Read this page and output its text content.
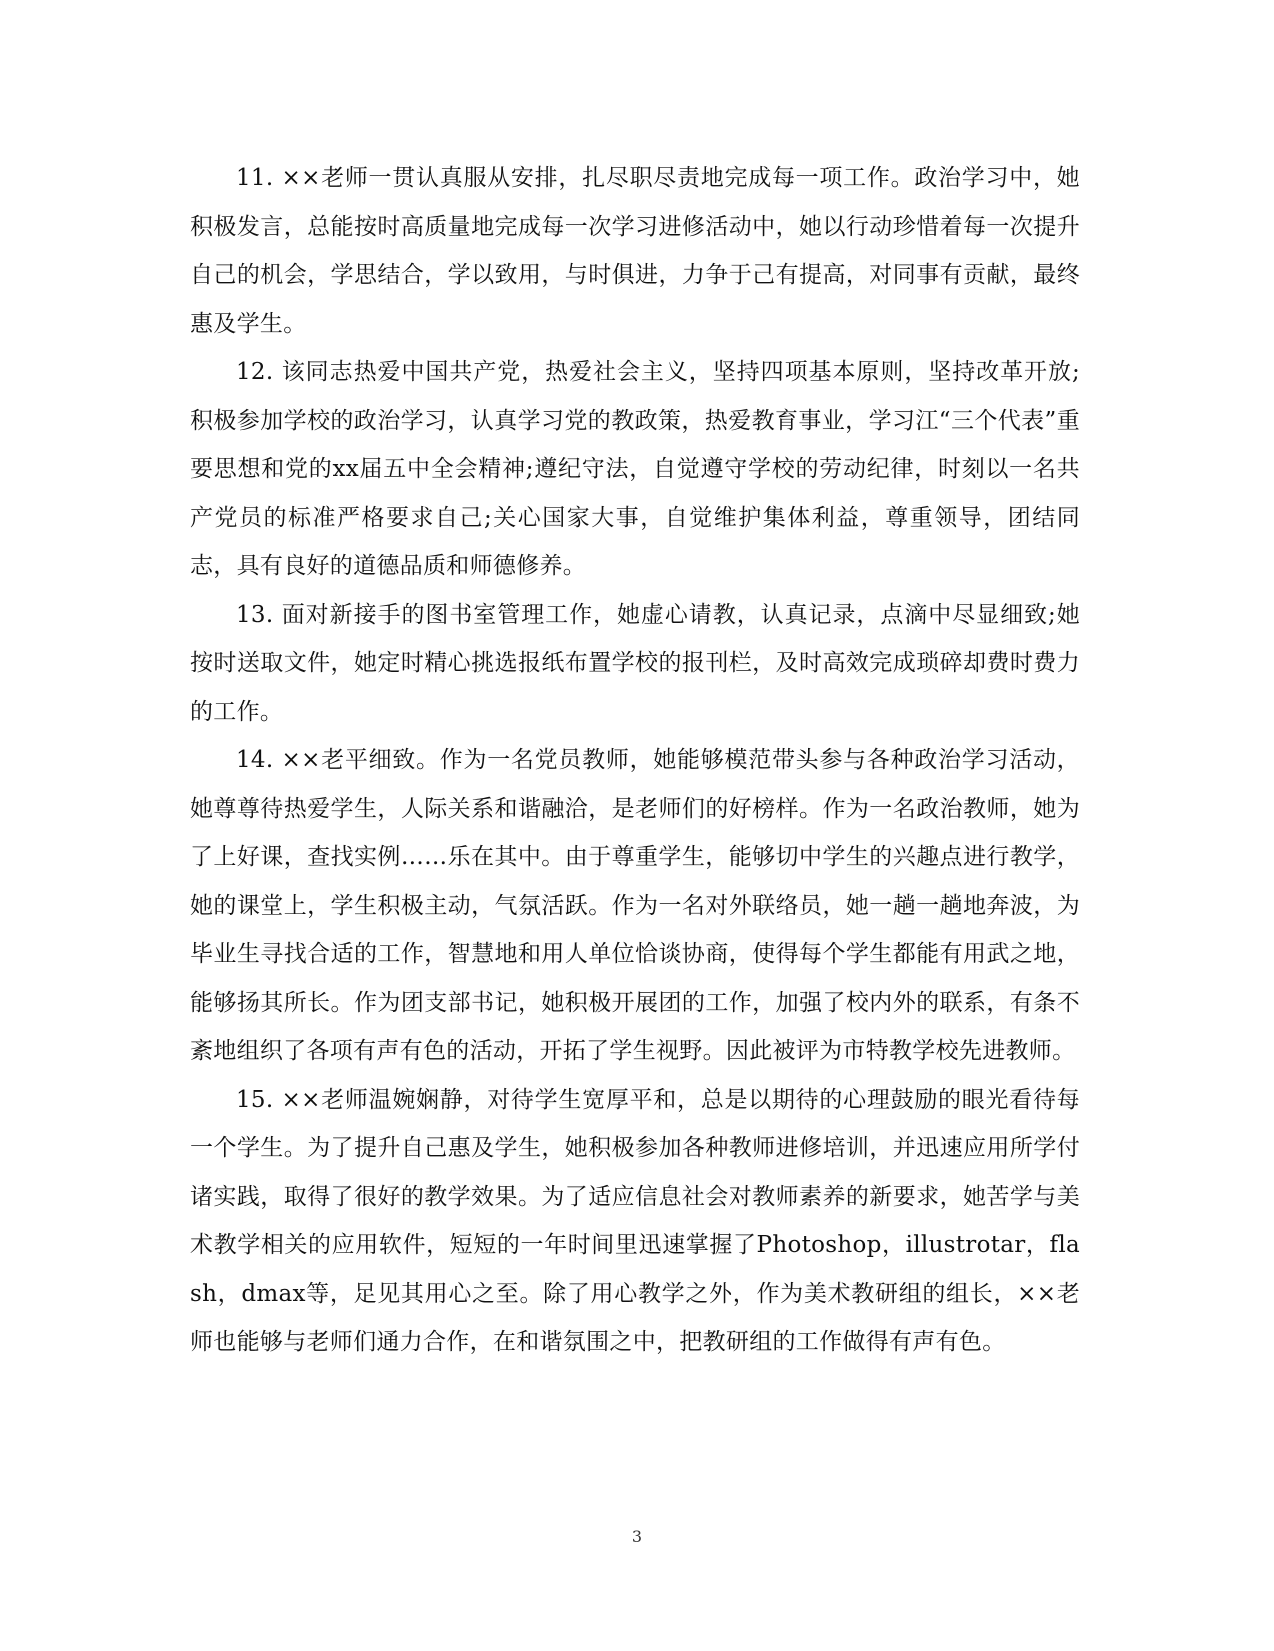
11. ××老师一贯认真服从安排，扎尽职尽责地完成每一项工作。政治学习中，她积极发言，总能按时高质量地完成每一次学习进修活动中，她以行动珍惜着每一次提升自己的机会，学思结合，学以致用，与时俱进，力争于己有提高，对同事有贡献，最终惠及学生。

12. 该同志热爱中国共产党，热爱社会主义，坚持四项基本原则，坚持改革开放;积极参加学校的政治学习，认真学习党的教政策，热爱教育事业，学习江“三个代表”重要思想和党的xx届五中全会精神;遵纪守法，自觉遵守学校的劳动纪律，时刻以一名共产党员的标准严格要求自己;关心国家大事，自觉维护集体利益，尊重领导，团结同志，具有良好的道德品质和师德修养。

13. 面对新接手的图书室管理工作，她虚心请教，认真记录，点滴中尽显细致;她按时送取文件，她定时精心挑选报纸布置学校的报刊栏，及时高效完成琐碎却费时费力的工作。

14. ××老平细致。作为一名党员教师，她能够模范带头参与各种政治学习活动，她尊尊待热爱学生，人际关系和谐融洽，是老师们的好榜样。作为一名政治教师，她为了上好课，查找实例……乐在其中。由于尊重学生，能够切中学生的兴趣点进行教学，她的课堂上，学生积极主动，气氛活跃。作为一名对外联络员，她一趟一趟地奔波，为毕业生寻找合适的工作，智慧地和用人单位恰谈协商，使得每个学生都能有用武之地，能够扬其所长。作为团支部书记，她积极开展团的工作，加强了校内外的联系，有条不紊地组织了各项有声有色的活动，开拓了学生视野。因此被评为市特教学校先进教师。

15. ××老师温婉娴静，对待学生宽厚平和，总是以期待的心理鼓励的眼光看待每一个学生。为了提升自己惠及学生，她积极参加各种教师进修培训，并迅速应用所学付诸实践，取得了很好的教学效果。为了适应信息社会对教师素养的新要求，她苦学与美术教学相关的应用软件，短短的一年时间里迅速掌握了Photoshop，illustrotar，flash，dmax等，足见其用心之至。除了用心教学之外，作为美术教研组的组长，××老师也能够与老师们通力合作，在和谐氛围之中，把教研组的工作做得有声有色。

3
